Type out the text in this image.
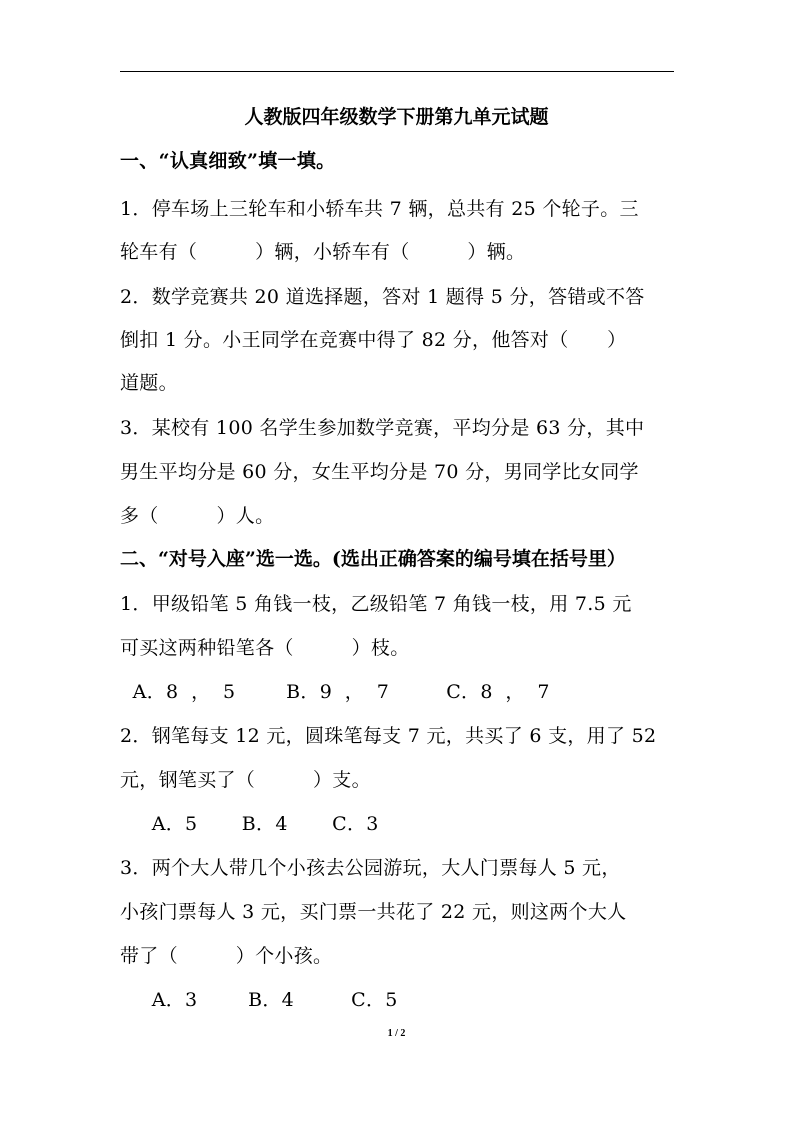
人教版四年级数学下册第九单元试题
一、“认真细致”填一填。
1．停车场上三轮车和小轿车共 7 辆，总共有 25 个轮子。三
轮车有（　　　）辆，小轿车有（　　　）辆。
2．数学竞赛共 20 道选择题，答对 1 题得 5 分，答错或不答
倒扣 1 分。小王同学在竞赛中得了 82 分，他答对（　　）
道题。
3．某校有 100 名学生参加数学竞赛，平均分是 63 分，其中
男生平均分是 60 分，女生平均分是 70 分，男同学比女同学
多（　　　）人。
二、“对号入座”选一选。(选出正确答案的编号填在括号里）
1．甲级铅笔 5 角钱一枝，乙级铅笔 7 角钱一枝，用 7.5 元
可买这两种铅笔各（　　　）枝。
A．8  ，  5        B．9  ，  7         C．8  ，  7
2．钢笔每支 12 元，圆珠笔每支 7 元，共买了 6 支，用了 52
元，钢笔买了（　　　）支。
A．5       B．4       C．3
3．两个大人带几个小孩去公园游玩，大人门票每人 5 元，
小孩门票每人 3 元，买门票一共花了 22 元，则这两个大人
带了（　　　）个小孩。
A．3        B．4         C．5
1 / 2
